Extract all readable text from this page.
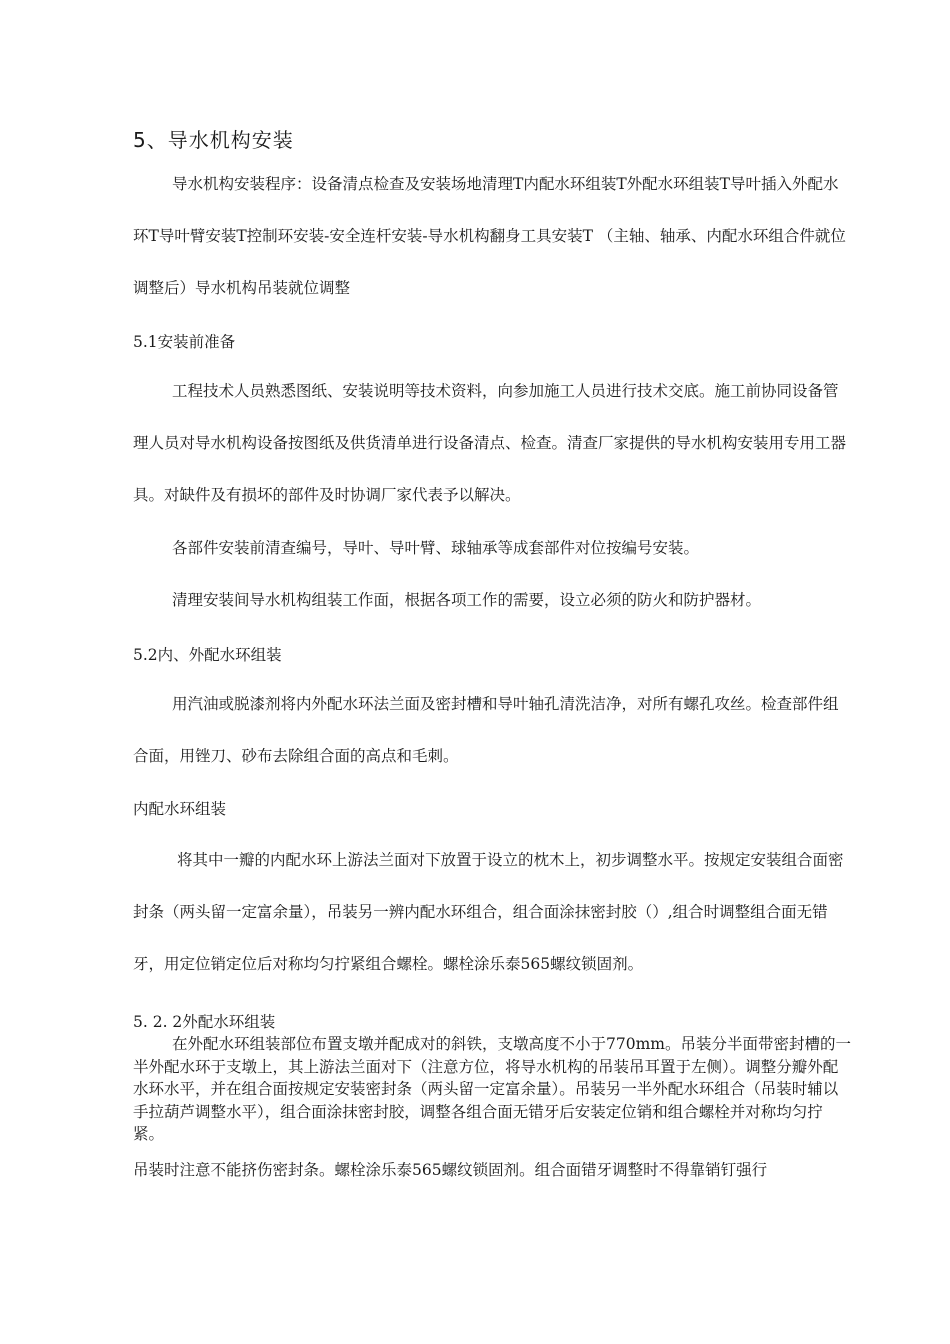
5、导水机构安装

导水机构安装程序：设备清点检查及安装场地清理T内配水环组装T外配水环组装T导叶插入外配水环T导叶臂安装T控制环安装-安全连杆安装-导水机构翻身工具安装T （主轴、轴承、内配水环组合件就位调整后）导水机构吊装就位调整

5.1安装前准备

工程技术人员熟悉图纸、安装说明等技术资料，向参加施工人员进行技术交底。施工前协同设备管理人员对导水机构设备按图纸及供货清单进行设备清点、检查。清查厂家提供的导水机构安装用专用工器具。对缺件及有损坏的部件及时协调厂家代表予以解决。

各部件安装前清查编号，导叶、导叶臂、球轴承等成套部件对位按编号安装。

清理安装间导水机构组装工作面，根据各项工作的需要，设立必须的防火和防护器材。

5.2内、外配水环组装

用汽油或脱漆剂将内外配水环法兰面及密封槽和导叶轴孔清洗洁净，对所有螺孔攻丝。检查部件组合面，用锉刀、砂布去除组合面的高点和毛刺。

内配水环组装

将其中一瓣的内配水环上游法兰面对下放置于设立的枕木上，初步调整水平。按规定安装组合面密封条（两头留一定富余量），吊装另一辨内配水环组合，组合面涂抹密封胶（）,组合时调整组合面无错牙，用定位销定位后对称均匀拧紧组合螺栓。螺栓涂乐泰565螺纹锁固剂。

5. 2. 2外配水环组装

在外配水环组装部位布置支墩并配成对的斜铁，支墩高度不小于770mm。吊装分半面带密封槽的一半外配水环于支墩上，其上游法兰面对下（注意方位，将导水机构的吊装吊耳置于左侧）。调整分瓣外配水环水平，并在组合面按规定安装密封条（两头留一定富余量）。吊装另一半外配水环组合（吊装时辅以手拉葫芦调整水平），组合面涂抹密封胶，调整各组合面无错牙后安装定位销和组合螺栓并对称均匀拧紧。

吊装时注意不能挤伤密封条。螺栓涂乐泰565螺纹锁固剂。组合面错牙调整时不得靠销钉强行
